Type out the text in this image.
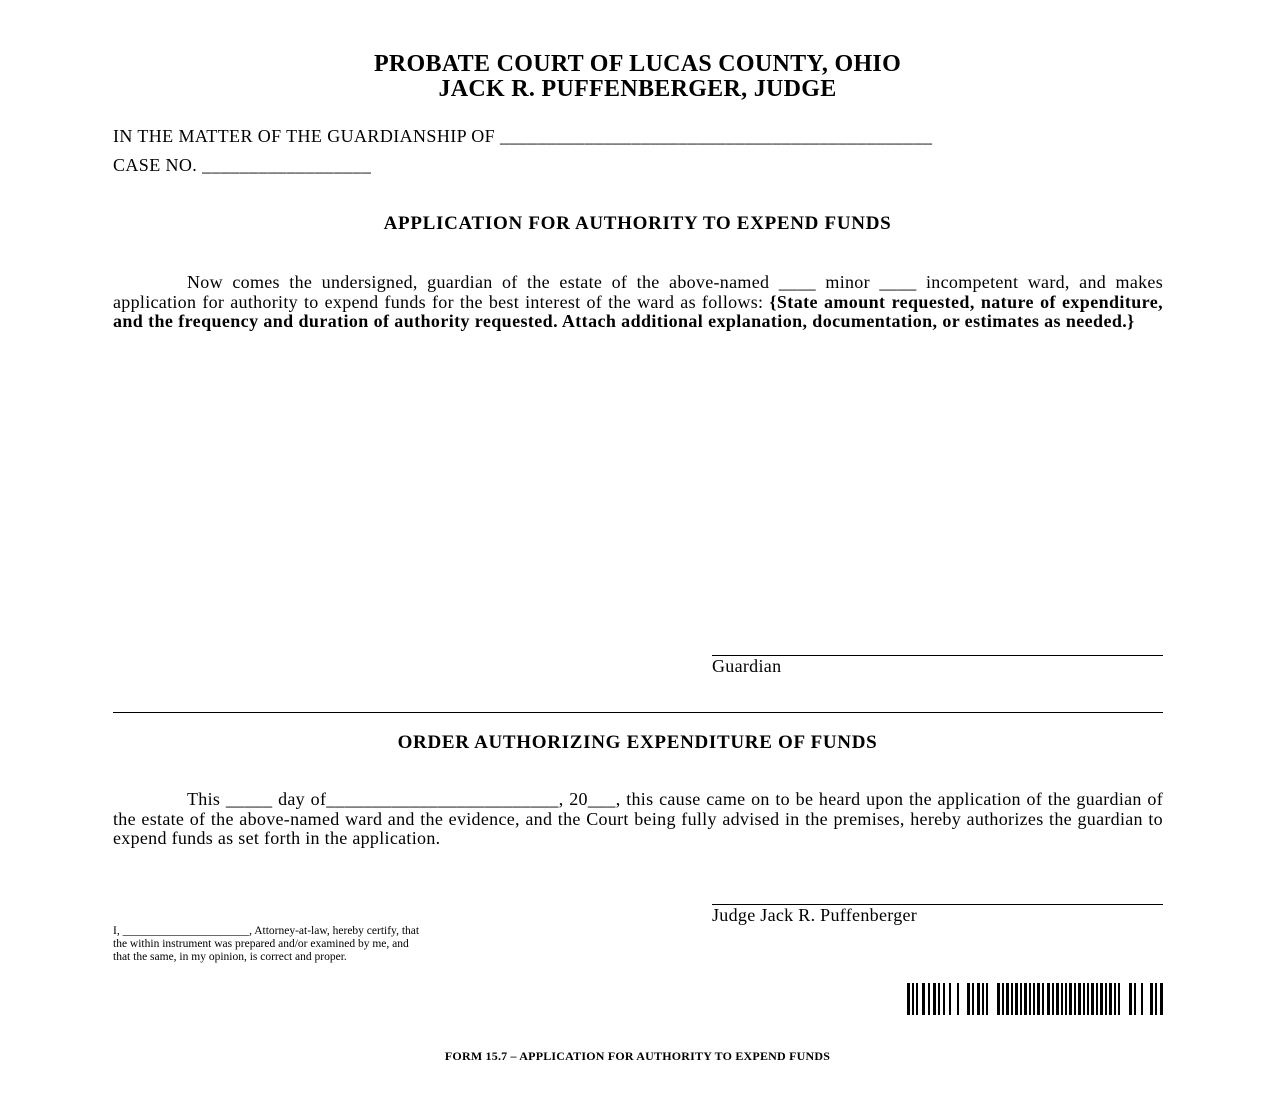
PROBATE COURT OF LUCAS COUNTY, OHIO
JACK R. PUFFENBERGER, JUDGE
IN THE MATTER OF THE GUARDIANSHIP OF ______________________________________________
CASE NO. __________________
APPLICATION FOR AUTHORITY TO EXPEND FUNDS
Now comes the undersigned, guardian of the estate of the above-named ____ minor ____ incompetent ward, and makes application for authority to expend funds for the best interest of the ward as follows: {State amount requested, nature of expenditure, and the frequency and duration of authority requested. Attach additional explanation, documentation, or estimates as needed.}
Guardian
ORDER AUTHORIZING EXPENDITURE OF FUNDS
This _____ day of_________________________, 20___, this cause came on to be heard upon the application of the guardian of the estate of the above-named ward and the evidence, and the Court being fully advised in the premises, hereby authorizes the guardian to expend funds as set forth in the application.
Judge Jack R. Puffenberger
I, ______________________, Attorney-at-law, hereby certify, that the within instrument was prepared and/or examined by me, and that the same, in my opinion, is correct and proper.
FORM 15.7 – APPLICATION FOR AUTHORITY TO EXPEND FUNDS
